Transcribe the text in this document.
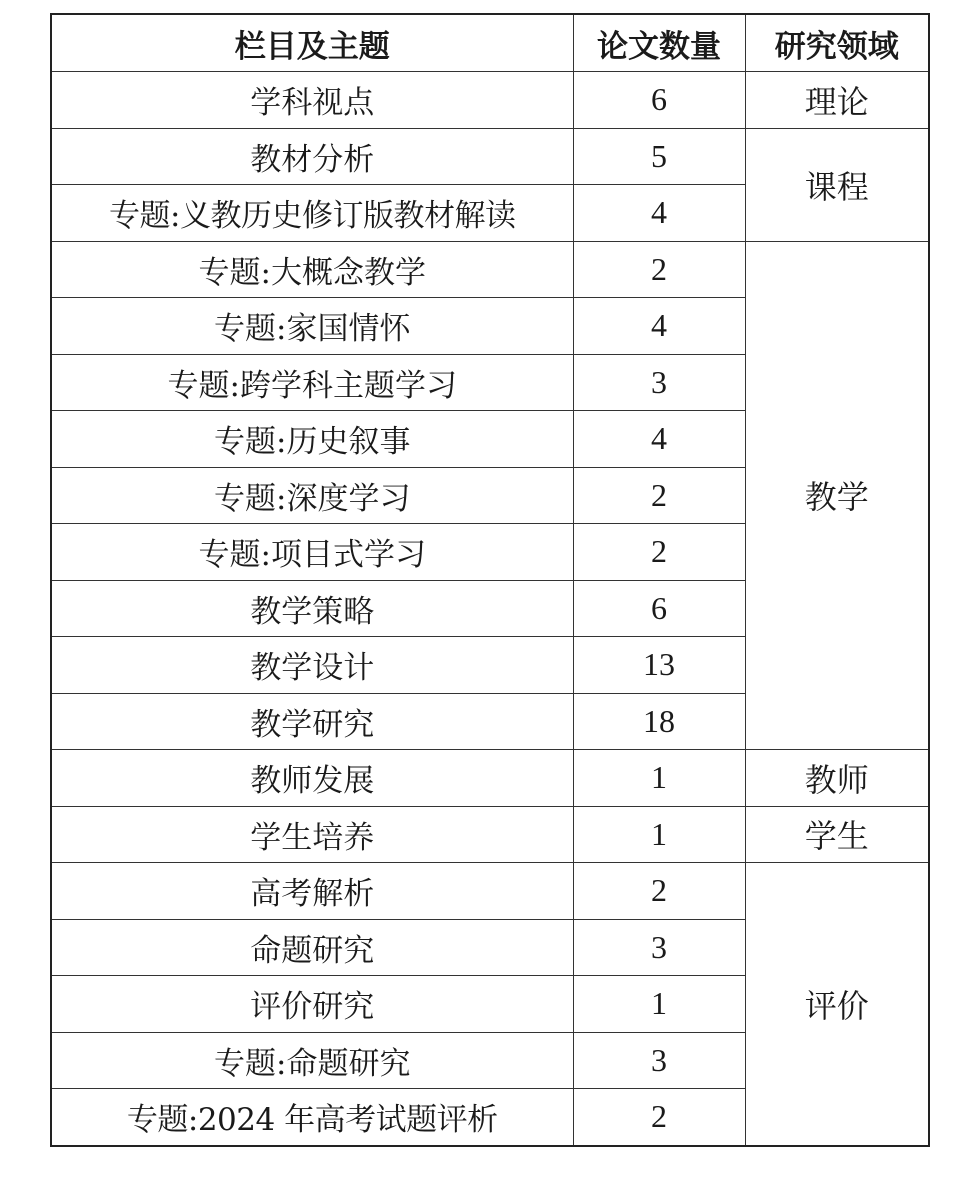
栏目及主题	论文数量	研究领域
学科视点	6	理论
教材分析	5	课程
专题:义教历史修订版教材解读	4	
专题:大概念教学	2	教学
专题:家国情怀	4	
专题:跨学科主题学习	3	
专题:历史叙事	4	
专题:深度学习	2	
专题:项目式学习	2	
教学策略	6	
教学设计	13	
教学研究	18	
教师发展	1	教师
学生培养	1	学生
高考解析	2	评价
命题研究	3	
评价研究	1	
专题:命题研究	3	
专题:2024 年高考试题评析	2	
